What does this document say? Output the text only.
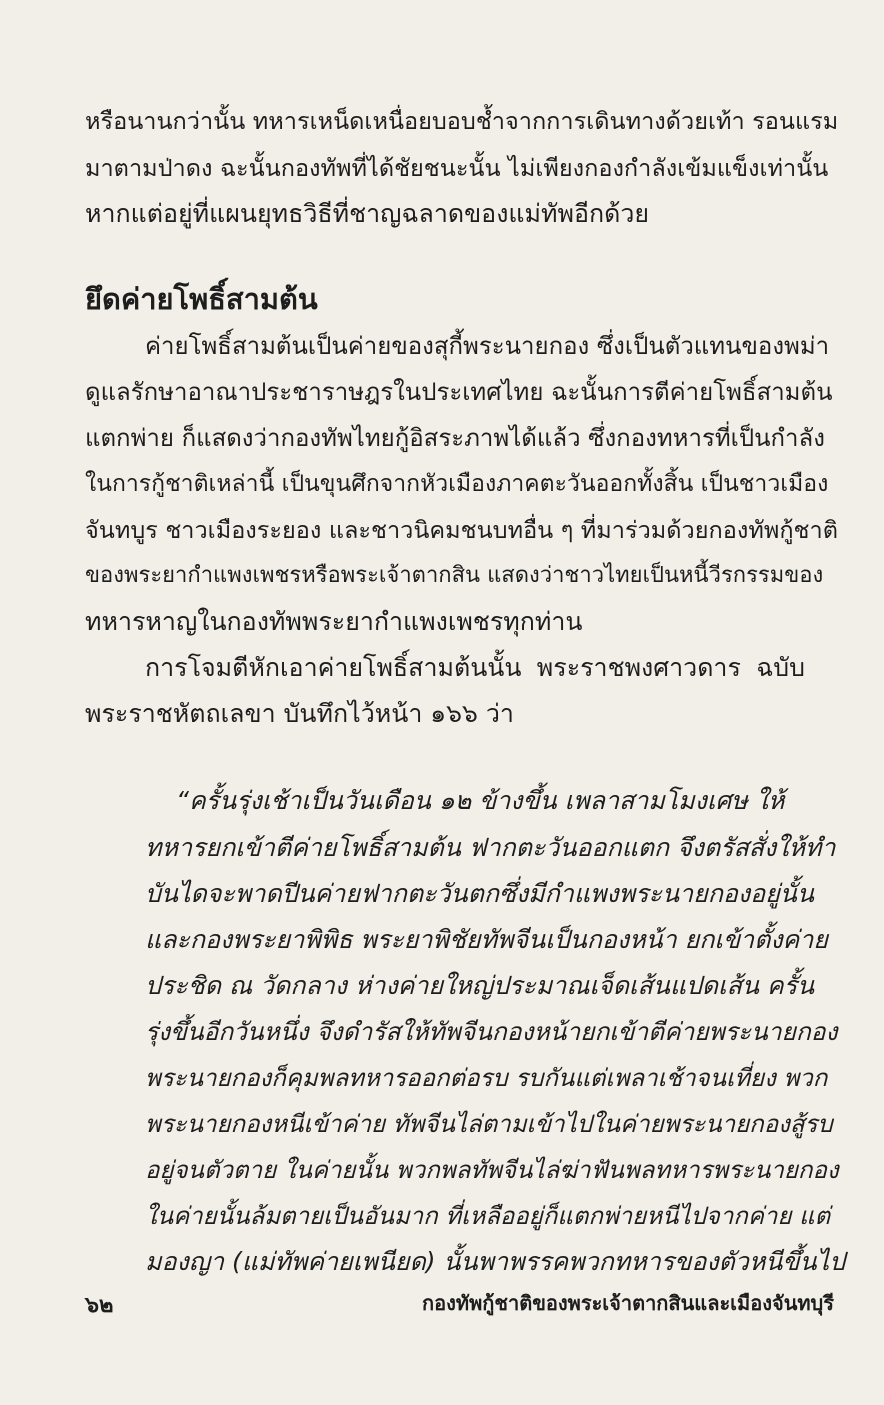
หรือนานกว่านั้น ทหารเหน็ดเหนื่อยบอบช้ำจากการเดินทางด้วยเท้า รอนแรม
มาตามป่าดง ฉะนั้นกองทัพที่ได้ชัยชนะนั้น ไม่เพียงกองกำลังเข้มแข็งเท่านั้น
หากแต่อยู่ที่แผนยุทธวิธีที่ชาญฉลาดของแม่ทัพอีกด้วย
ยึดค่ายโพธิ์สามต้น
ค่ายโพธิ์สามต้นเป็นค่ายของสุกี้พระนายกอง ซึ่งเป็นตัวแทนของพม่า
ดูแลรักษาอาณาประชาราษฎรในประเทศไทย ฉะนั้นการตีค่ายโพธิ์สามต้น
แตกพ่าย ก็แสดงว่ากองทัพไทยกู้อิสระภาพได้แล้ว ซึ่งกองทหารที่เป็นกำลัง
ในการกู้ชาติเหล่านี้ เป็นขุนศึกจากหัวเมืองภาคตะวันออกทั้งสิ้น เป็นชาวเมือง
จันทบูร ชาวเมืองระยอง และชาวนิคมชนบทอื่น ๆ ที่มาร่วมด้วยกองทัพกู้ชาติ
ของพระยากำแพงเพชรหรือพระเจ้าตากสิน แสดงว่าชาวไทยเป็นหนี้วีรกรรมของ
ทหารหาญในกองทัพพระยากำแพงเพชรทุกท่าน
การโจมตีหักเอาค่ายโพธิ์สามต้นนั้น พระราชพงศาวดาร ฉบับ
พระราชหัตถเลขา บันทึกไว้หน้า ๑๖๖ ว่า
“ครั้นรุ่งเช้าเป็นวันเดือน ๑๒ ข้างขึ้น เพลาสามโมงเศษ ให้
ทหารยกเข้าตีค่ายโพธิ์สามต้น ฟากตะวันออกแตก จึงตรัสสั่งให้ทำ
บันไดจะพาดปีนค่ายฟากตะวันตกซึ่งมีกำแพงพระนายกองอยู่นั้น
และกองพระยาพิพิธ พระยาพิชัยทัพจีนเป็นกองหน้า ยกเข้าตั้งค่าย
ประชิด ณ วัดกลาง ห่างค่ายใหญ่ประมาณเจ็ดเส้นแปดเส้น ครั้น
รุ่งขึ้นอีกวันหนึ่ง จึงดำรัสให้ทัพจีนกองหน้ายกเข้าตีค่ายพระนายกอง
พระนายกองก็คุมพลทหารออกต่อรบ รบกันแต่เพลาเช้าจนเที่ยง พวก
พระนายกองหนีเข้าค่าย ทัพจีนไล่ตามเข้าไปในค่ายพระนายกองสู้รบ
อยู่จนตัวตาย ในค่ายนั้น พวกพลทัพจีนไล่ฆ่าฟันพลทหารพระนายกอง
ในค่ายนั้นล้มตายเป็นอันมาก ที่เหลืออยู่ก็แตกพ่ายหนีไปจากค่าย แต่
มองญา (แม่ทัพค่ายเพนียด) นั้นพาพรรคพวกทหารของตัวหนีขึ้นไป
๖๒	กองทัพกู้ชาติของพระเจ้าตากสินและเมืองจันทบุรี
